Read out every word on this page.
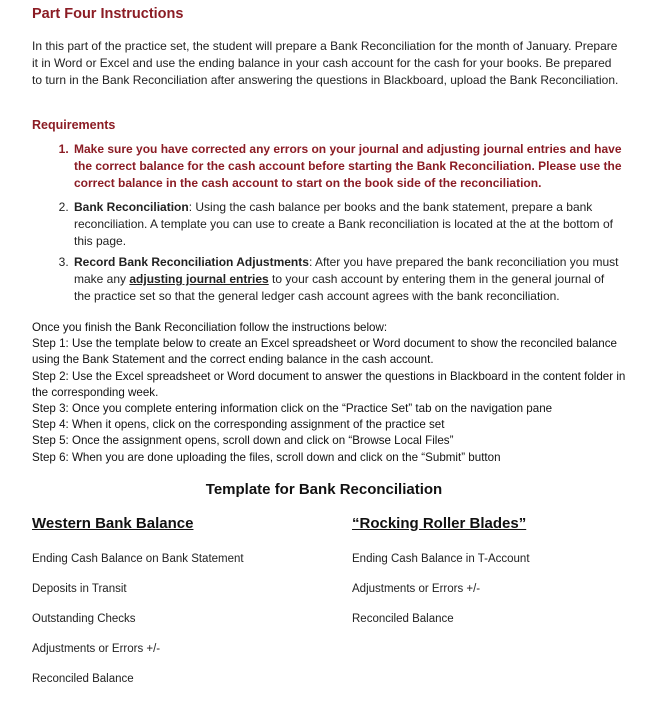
Part Four Instructions
In this part of the practice set, the student will prepare a Bank Reconciliation for the month of January. Prepare it in Word or Excel and use the ending balance in your cash account for the cash for your books. Be prepared to turn in the Bank Reconciliation after answering the questions in Blackboard, upload the Bank Reconciliation.
Requirements
1. Make sure you have corrected any errors on your journal and adjusting journal entries and have the correct balance for the cash account before starting the Bank Reconciliation. Please use the correct balance in the cash account to start on the book side of the reconciliation.
2. Bank Reconciliation: Using the cash balance per books and the bank statement, prepare a bank reconciliation. A template you can use to create a Bank reconciliation is located at the at the bottom of this page.
3. Record Bank Reconciliation Adjustments: After you have prepared the bank reconciliation you must make any adjusting journal entries to your cash account by entering them in the general journal of the practice set so that the general ledger cash account agrees with the bank reconciliation.

Once you finish the Bank Reconciliation follow the instructions below:

Step 1: Use the template below to create an Excel spreadsheet or Word document to show the reconciled balance using the Bank Statement and the correct ending balance in the cash account.

Step 2: Use the Excel spreadsheet or Word document to answer the questions in Blackboard in the content folder in the corresponding week.

Step 3: Once you complete entering information click on the “Practice Set” tab on the navigation pane

Step 4: When it opens, click on the corresponding assignment of the practice set

Step 5: Once the assignment opens, scroll down and click on “Browse Local Files”

Step 6: When you are done uploading the files, scroll down and click on the “Submit” button

Template for Bank Reconciliation
Western Bank Balance
Ending Cash Balance on Bank Statement
Deposits in Transit
Outstanding Checks
Adjustments or Errors +/-
Reconciled Balance
“Rocking Roller Blades”
Ending Cash Balance in T-Account
Adjustments or Errors +/-
Reconciled Balance
